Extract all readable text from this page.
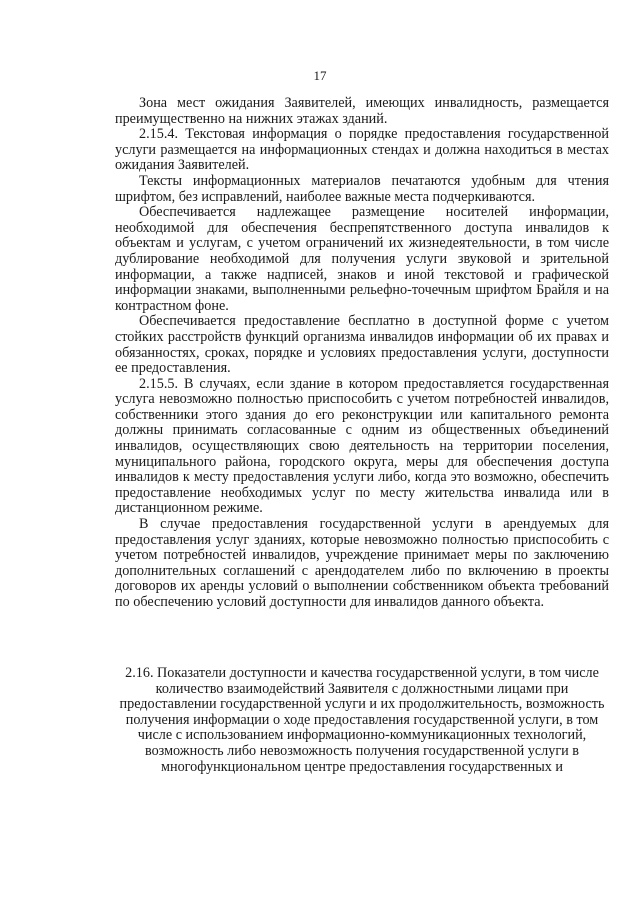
17

Зона мест ожидания Заявителей, имеющих инвалидность, размещается преимущественно на нижних этажах зданий.

2.15.4. Текстовая информация о порядке предоставления государственной услуги размещается на информационных стендах и должна находиться в местах ожидания Заявителей.

Тексты информационных материалов печатаются удобным для чтения шрифтом, без исправлений, наиболее важные места подчеркиваются.

Обеспечивается надлежащее размещение носителей информации, необходимой для обеспечения беспрепятственного доступа инвалидов к объектам и услугам, с учетом ограничений их жизнедеятельности, в том числе дублирование необходимой для получения услуги звуковой и зрительной информации, а также надписей, знаков и иной текстовой и графической информации знаками, выполненными рельефно-точечным шрифтом Брайля и на контрастном фоне.

Обеспечивается предоставление бесплатно в доступной форме с учетом стойких расстройств функций организма инвалидов информации об их правах и обязанностях, сроках, порядке и условиях предоставления услуги, доступности ее предоставления.

2.15.5. В случаях, если здание в котором предоставляется государственная услуга невозможно полностью приспособить с учетом потребностей инвалидов, собственники этого здания до его реконструкции или капитального ремонта должны принимать согласованные с одним из общественных объединений инвалидов, осуществляющих свою деятельность на территории поселения, муниципального района, городского округа, меры для обеспечения доступа инвалидов к месту предоставления услуги либо, когда это возможно, обеспечить предоставление необходимых услуг по месту жительства инвалида или в дистанционном режиме.

В случае предоставления государственной услуги в арендуемых для предоставления услуг зданиях, которые невозможно полностью приспособить с учетом потребностей инвалидов, учреждение принимает меры по заключению дополнительных соглашений с арендодателем либо по включению в проекты договоров их аренды условий о выполнении собственником объекта требований по обеспечению условий доступности для инвалидов данного объекта.

2.16. Показатели доступности и качества государственной услуги, в том числе количество взаимодействий Заявителя с должностными лицами при предоставлении государственной услуги и их продолжительность, возможность получения информации о ходе предоставления государственной услуги, в том числе с использованием информационно-коммуникационных технологий, возможность либо невозможность получения государственной услуги в многофункциональном центре предоставления государственных и
